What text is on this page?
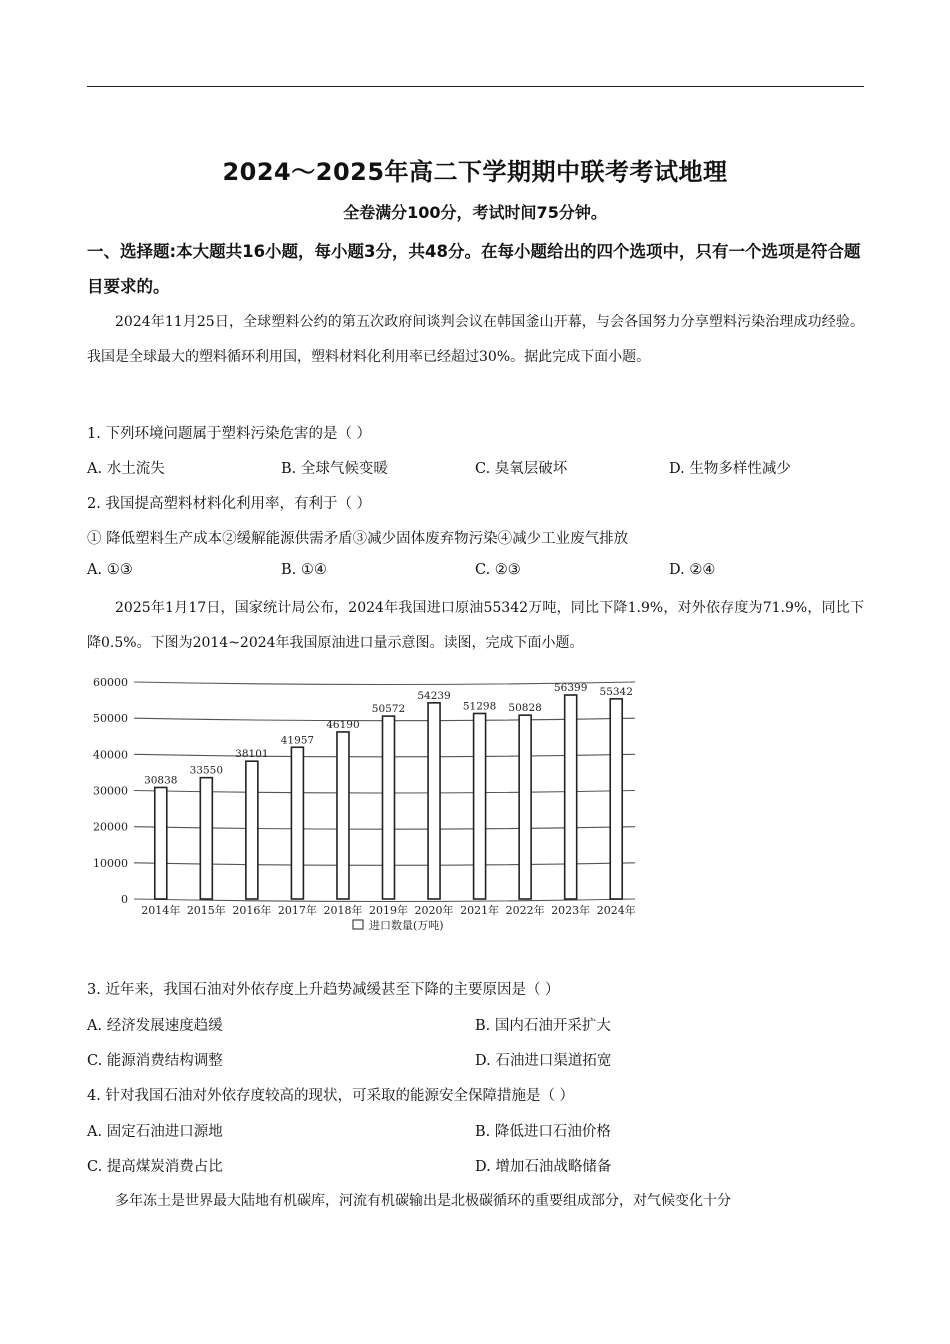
2024～2025年高二下学期期中联考考试地理
全卷满分100分，考试时间75分钟。
一、选择题:本大题共16小题，每小题3分，共48分。在每小题给出的四个选项中，只有一个选项是符合题目要求的。
2024年11月25日，全球塑料公约的第五次政府间谈判会议在韩国釜山开幕，与会各国努力分享塑料污染治理成功经验。我国是全球最大的塑料循环利用国，塑料材料化利用率已经超过30%。据此完成下面小题。
1. 下列环境问题属于塑料污染危害的是（ ）
A. 水土流失	B. 全球气候变暖	C. 臭氧层破坏	D. 生物多样性减少
2. 我国提高塑料材料化利用率，有利于（ ）
① 降低塑料生产成本②缓解能源供需矛盾③减少固体废弃物污染④减少工业废气排放
A. ①③	B. ①④	C. ②③	D. ②④
2025年1月17日，国家统计局公布，2024年我国进口原油55342万吨，同比下降1.9%，对外依存度为71.9%，同比下降0.5%。下图为2014~2024年我国原油进口量示意图。读图，完成下面小题。
60000
50000
40000
30000
20000
10000
0
30838
2014年
33550
2015年
38101
2016年
41957
2017年
46190
2018年
50572
2019年
54239
2020年
51298
2021年
50828
2022年
56399
2023年
55342
2024年
进口数量(万吨)
3. 近年来，我国石油对外依存度上升趋势减缓甚至下降的主要原因是（ ）
A. 经济发展速度趋缓	B. 国内石油开采扩大
C. 能源消费结构调整	D. 石油进口渠道拓宽
4. 针对我国石油对外依存度较高的现状，可采取的能源安全保障措施是（ ）
A. 固定石油进口源地	B. 降低进口石油价格
C. 提高煤炭消费占比	D. 增加石油战略储备
多年冻土是世界最大陆地有机碳库，河流有机碳输出是北极碳循环的重要组成部分，对气候变化十分
